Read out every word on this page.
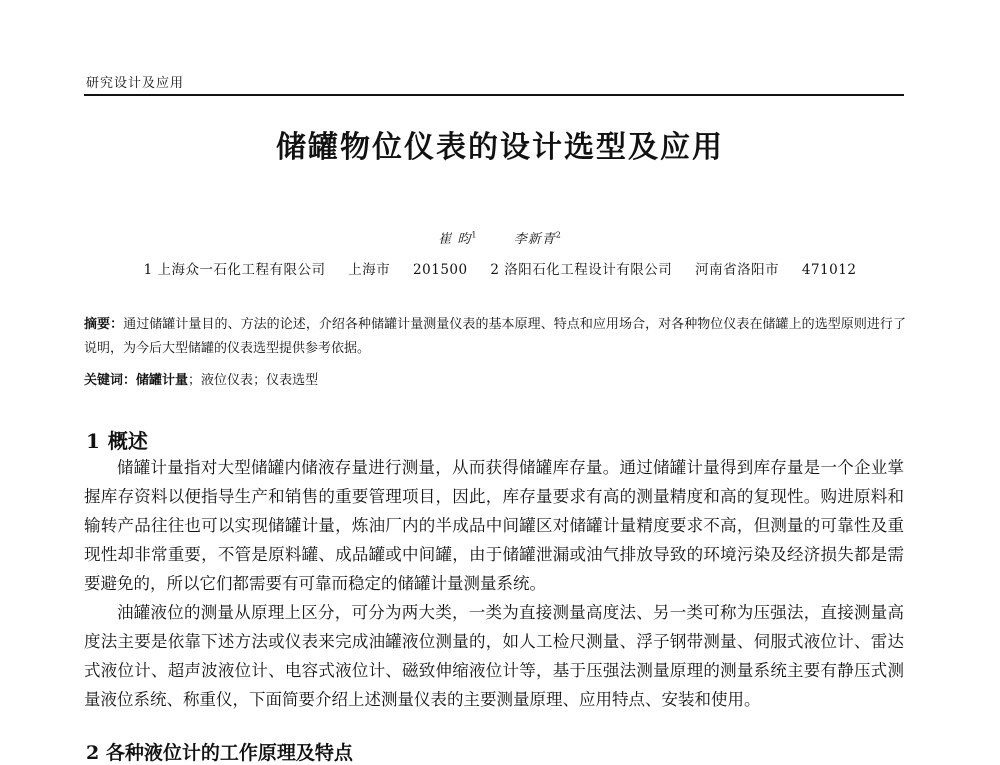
研究设计及应用
储罐物位仪表的设计选型及应用
崔 昀$^1$	李新青$^2$
1 上海众一石化工程有限公司 上海市 201500 2 洛阳石化工程设计有限公司 河南省洛阳市 471012
摘要：通过储罐计量目的、方法的论述，介绍各种储罐计量测量仪表的基本原理、特点和应用场合，对各种物位仪表在储罐上的选型原则进行了说明，为今后大型储罐的仪表选型提供参考依据。
关键词：储罐计量；液位仪表；仪表选型
1 概述

储罐计量指对大型储罐内储液存量进行测量，从而获得储罐库存量。通过储罐计量得到库存量是一个企业掌握库存资料以便指导生产和销售的重要管理项目，因此，库存量要求有高的测量精度和高的复现性。购进原料和输转产品往往也可以实现储罐计量，炼油厂内的半成品中间罐区对储罐计量精度要求不高，但测量的可靠性及重现性却非常重要，不管是原料罐、成品罐或中间罐，由于储罐泄漏或油气排放导致的环境污染及经济损失都是需要避免的，所以它们都需要有可靠而稳定的储罐计量测量系统。

油罐液位的测量从原理上区分，可分为两大类，一类为直接测量高度法、另一类可称为压强法，直接测量高度法主要是依靠下述方法或仪表来完成油罐液位测量的，如人工检尺测量、浮子钢带测量、伺服式液位计、雷达式液位计、超声波液位计、电容式液位计、磁致伸缩液位计等，基于压强法测量原理的测量系统主要有静压式测量液位系统、称重仪，下面简要介绍上述测量仪表的主要测量原理、应用特点、安装和使用。

2 各种液位计的工作原理及特点
